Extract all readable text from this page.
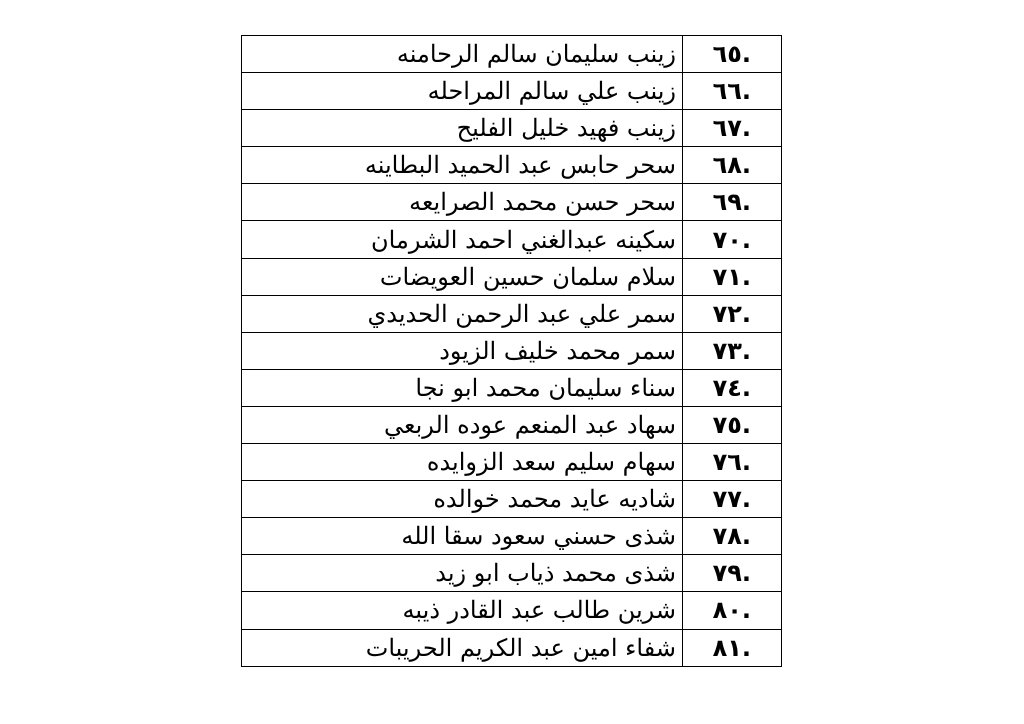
.٦٥	زينب سليمان سالم الرحامنه
.٦٦	زينب علي سالم المراحله
.٦٧	زينب فهيد خليل الفليح
.٦٨	سحر حابس عبد الحميد البطاينه
.٦٩	سحر حسن محمد الصرايعه
.٧٠	سكينه عبدالغني احمد الشرمان
.٧١	سلام سلمان حسين العويضات
.٧٢	سمر علي عبد الرحمن الحديدي
.٧٣	سمر محمد خليف الزيود
.٧٤	سناء سليمان محمد ابو نجا
.٧٥	سهاد عبد المنعم عوده الربعي
.٧٦	سهام سليم سعد الزوايده
.٧٧	شاديه عايد محمد خوالده
.٧٨	شذى حسني سعود سقا الله
.٧٩	شذى محمد ذياب ابو زيد
.٨٠	شرين طالب عبد القادر ذيبه
.٨١	شفاء امين عبد الكريم الحريبات
